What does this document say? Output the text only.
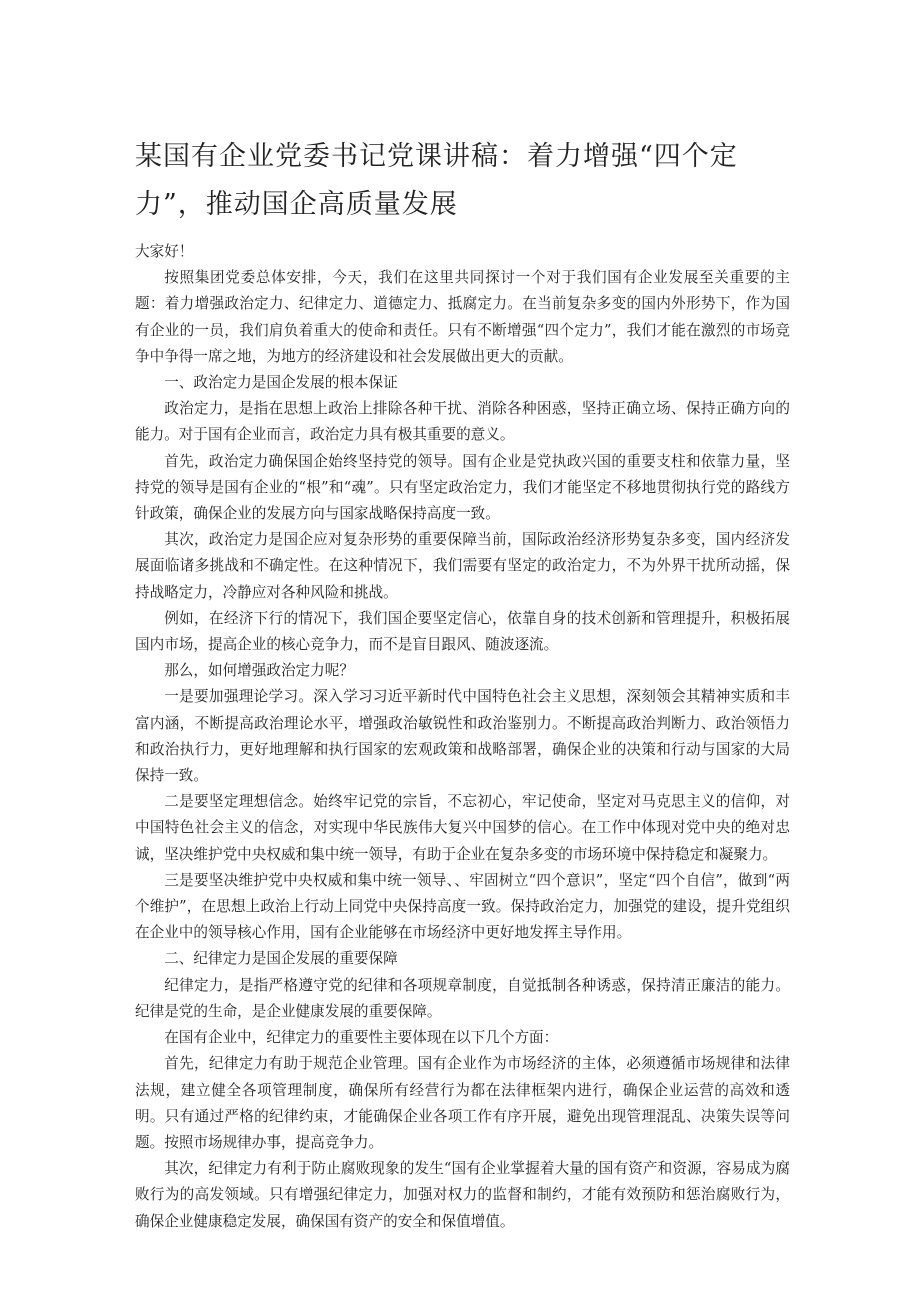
某国有企业党委书记党课讲稿：着力增强“四个定力”，推动国企高质量发展

大家好！

按照集团党委总体安排，今天，我们在这里共同探讨一个对于我们国有企业发展至关重要的主题：着力增强政治定力、纪律定力、道德定力、抵腐定力。在当前复杂多变的国内外形势下，作为国有企业的一员，我们肩负着重大的使命和责任。只有不断增强“四个定力”，我们才能在激烈的市场竞争中争得一席之地，为地方的经济建设和社会发展做出更大的贡献。

一、政治定力是国企发展的根本保证

政治定力，是指在思想上政治上排除各种干扰、消除各种困惑，坚持正确立场、保持正确方向的能力。对于国有企业而言，政治定力具有极其重要的意义。

首先，政治定力确保国企始终坚持党的领导。国有企业是党执政兴国的重要支柱和依靠力量，坚持党的领导是国有企业的“根”和“魂”。只有坚定政治定力，我们才能坚定不移地贯彻执行党的路线方针政策，确保企业的发展方向与国家战略保持高度一致。

其次，政治定力是国企应对复杂形势的重要保障当前，国际政治经济形势复杂多变，国内经济发展面临诸多挑战和不确定性。在这种情况下，我们需要有坚定的政治定力，不为外界干扰所动摇，保持战略定力，冷静应对各种风险和挑战。

例如，在经济下行的情况下，我们国企要坚定信心，依靠自身的技术创新和管理提升，积极拓展国内市场，提高企业的核心竞争力，而不是盲目跟风、随波逐流。

那么，如何增强政治定力呢？

一是要加强理论学习。深入学习习近平新时代中国特色社会主义思想，深刻领会其精神实质和丰富内涵，不断提高政治理论水平，增强政治敏锐性和政治鉴别力。不断提高政治判断力、政治领悟力和政治执行力，更好地理解和执行国家的宏观政策和战略部署，确保企业的决策和行动与国家的大局保持一致。

二是要坚定理想信念。始终牢记党的宗旨，不忘初心，牢记使命，坚定对马克思主义的信仰，对中国特色社会主义的信念，对实现中华民族伟大复兴中国梦的信心。在工作中体现对党中央的绝对忠诚，坚决维护党中央权威和集中统一领导，有助于企业在复杂多变的市场环境中保持稳定和凝聚力。

三是要坚决维护党中央权威和集中统一领导、、牢固树立“四个意识”，坚定“四个自信”，做到“两个维护”，在思想上政治上行动上同党中央保持高度一致。保持政治定力，加强党的建设，提升党组织在企业中的领导核心作用，国有企业能够在市场经济中更好地发挥主导作用。

二、纪律定力是国企发展的重要保障

纪律定力，是指严格遵守党的纪律和各项规章制度，自觉抵制各种诱惑，保持清正廉洁的能力。纪律是党的生命，是企业健康发展的重要保障。

在国有企业中，纪律定力的重要性主要体现在以下几个方面：

首先，纪律定力有助于规范企业管理。国有企业作为市场经济的主体，必须遵循市场规律和法律法规，建立健全各项管理制度，确保所有经营行为都在法律框架内进行，确保企业运营的高效和透明。只有通过严格的纪律约束，才能确保企业各项工作有序开展，避免出现管理混乱、决策失误等问题。按照市场规律办事，提高竞争力。

其次，纪律定力有利于防止腐败现象的发生“国有企业掌握着大量的国有资产和资源，容易成为腐败行为的高发领域。只有增强纪律定力，加强对权力的监督和制约，才能有效预防和惩治腐败行为，确保企业健康稳定发展，确保国有资产的安全和保值增值。
